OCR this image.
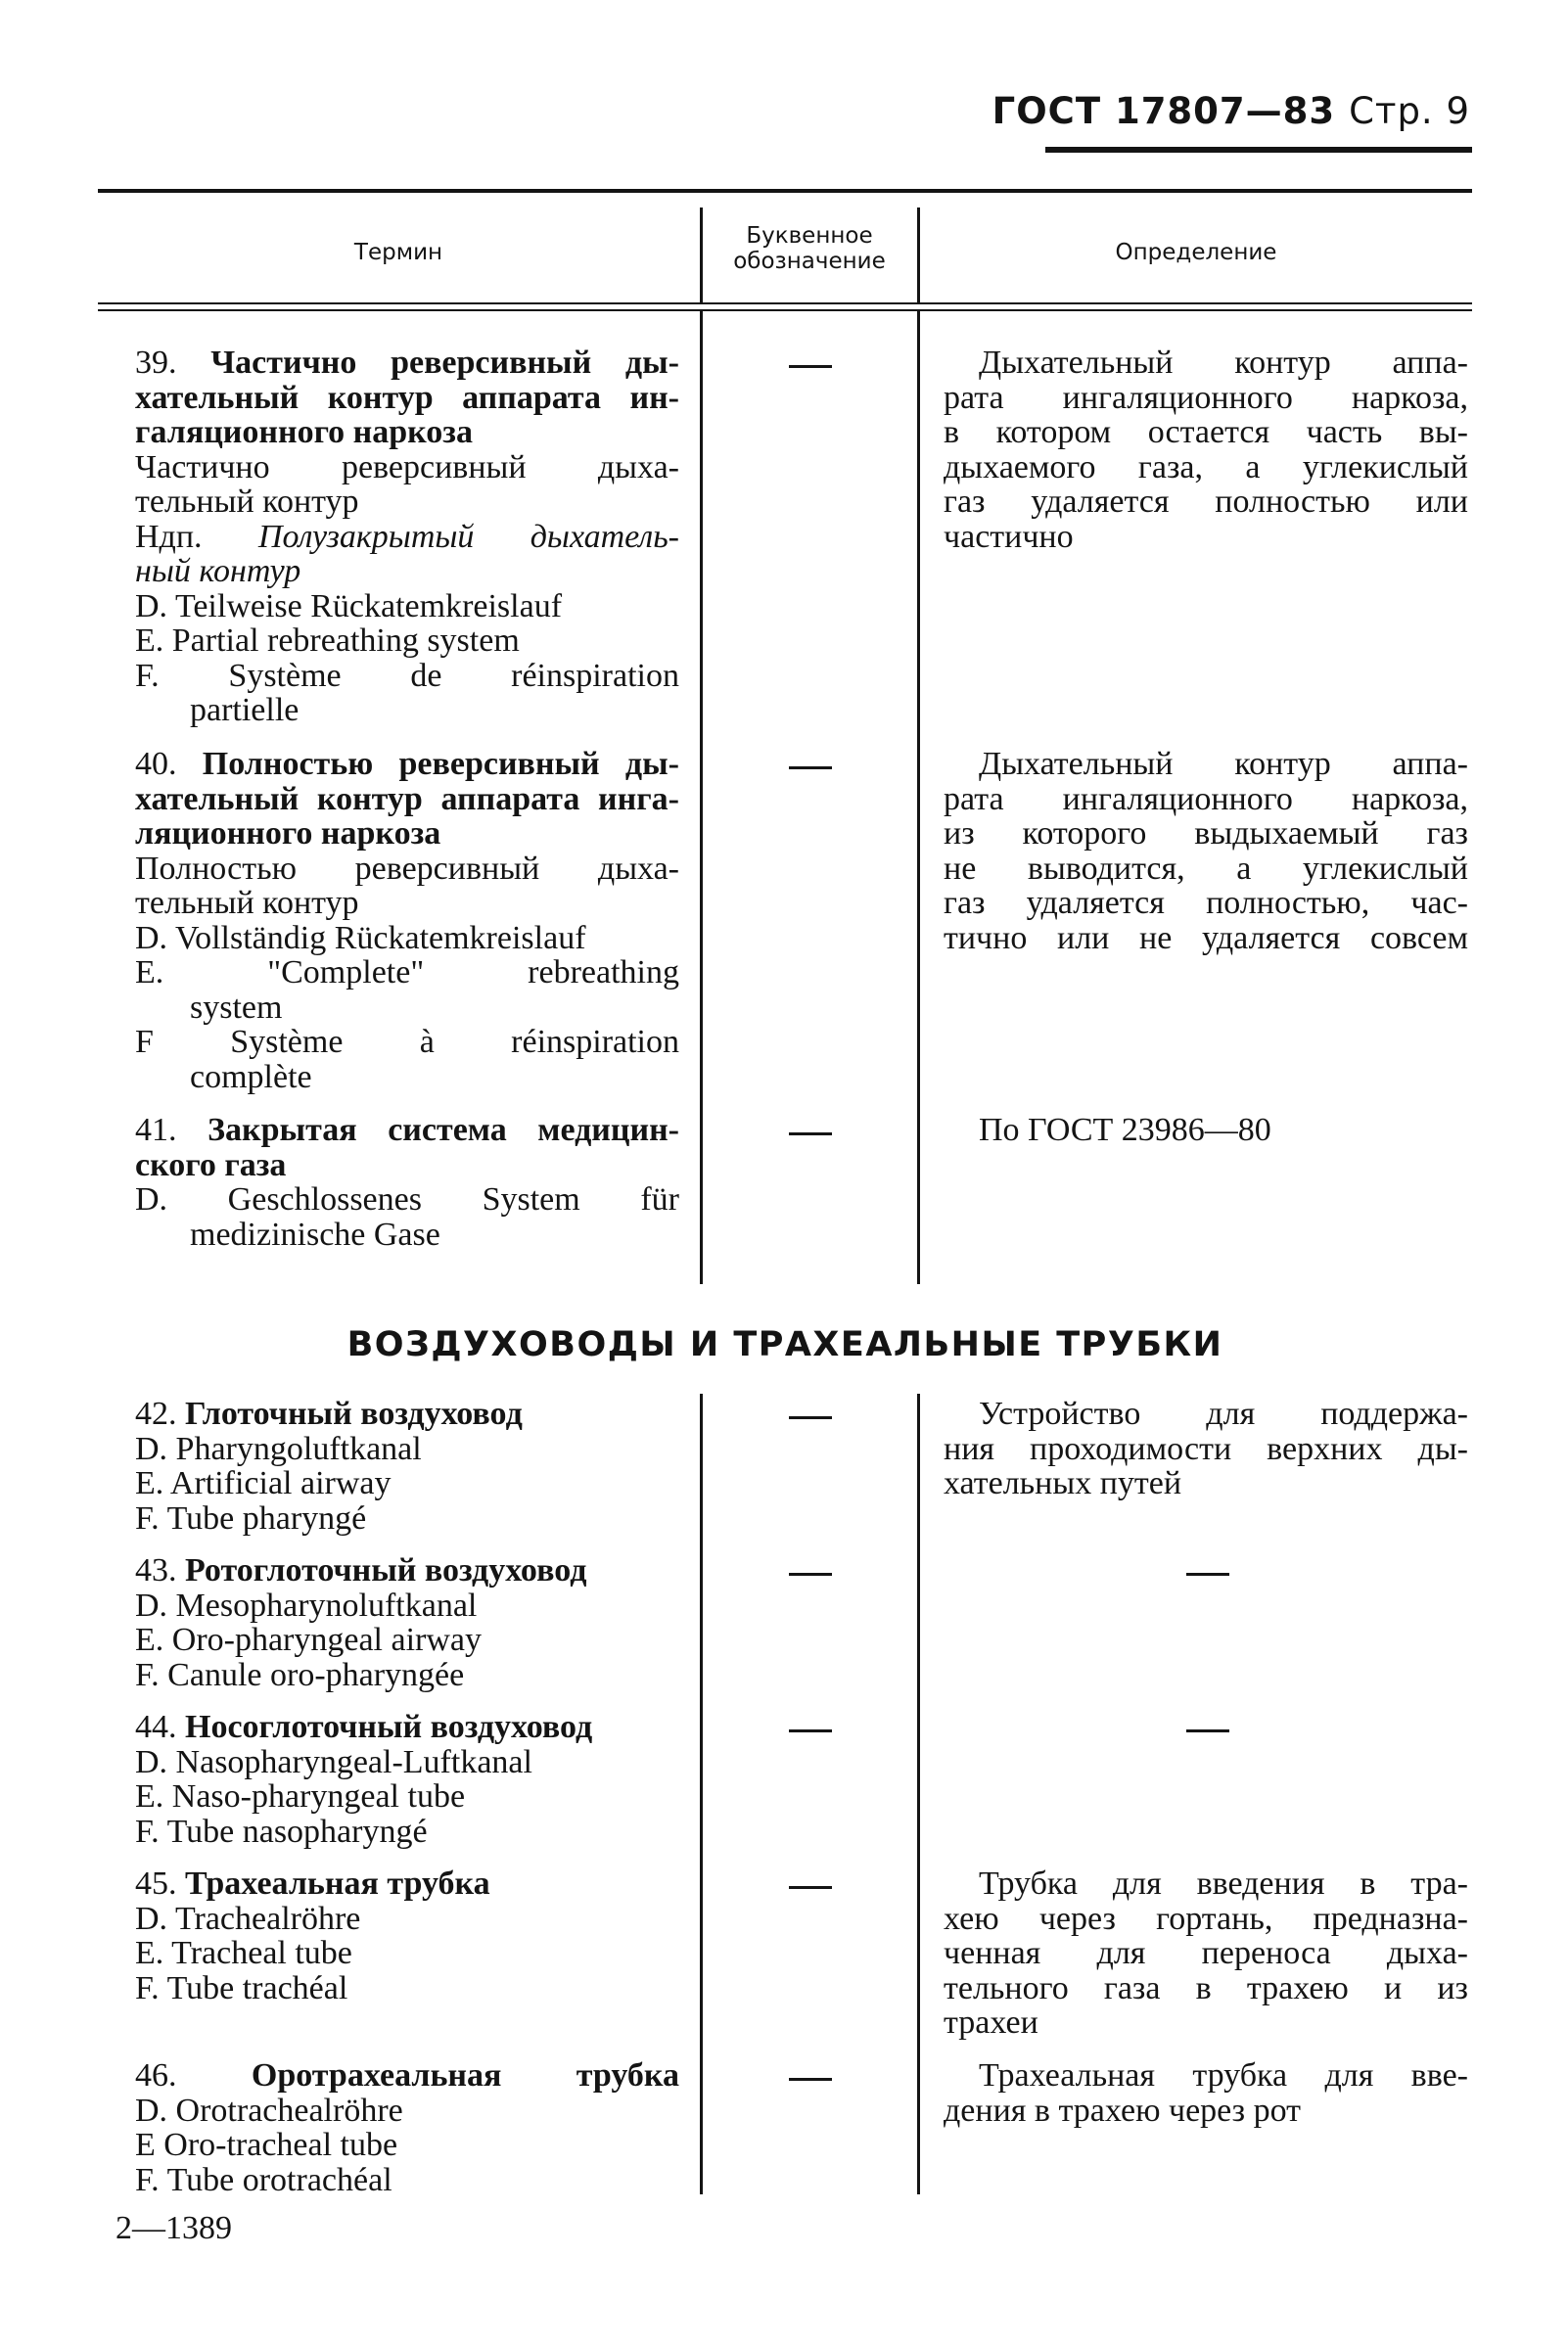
ГОСТ 17807—83 Стр. 9
Термин
Буквенное
обозначение	Определение
39. Частично реверсивный ды-
хательный контур аппарата ин-
галяционного наркоза
Частично реверсивный дыха-
тельный контур
Ндп. Полузакрытый дыхатель-
ный контур
D. Teilweise Rückatemkreislauf
E. Partial rebreathing system
F. Système de réinspiration
partielle
Дыхательный контур аппа-
рата ингаляционного наркоза,
в котором остается часть вы-
дыхаемого газа, а углекислый
газ удаляется полностью или
частично
40. Полностью реверсивный ды-
хательный контур аппарата инга-
ляционного наркоза
Полностью реверсивный дыха-
тельный контур
D. Vollständig Rückatemkreislauf
E. "Complete" rebreathing
system
F Système à réinspiration
complète
Дыхательный контур аппа-
рата ингаляционного наркоза,
из которого выдыхаемый газ
не выводится, а углекислый
газ удаляется полностью, час-
тично или не удаляется совсем
41. Закрытая система медицин-
ского газа
D. Geschlossenes System für
medizinische Gase
По ГОСТ 23986—80
ВОЗДУХОВОДЫ И ТРАХЕАЛЬНЫЕ ТРУБКИ
42. Глоточный воздуховод
D. Pharyngoluftkanal
E. Artificial airway
F. Tube pharyngé
Устройство для поддержа-
ния проходимости верхних ды-
хательных путей
43. Ротоглоточный воздуховод
D. Mesopharynoluftkanal
E. Oro-pharyngeal airway
F. Canule oro-pharyngée
44. Носоглоточный воздуховод
D. Nasopharyngeal-Luftkanal
E. Naso-pharyngeal tube
F. Tube nasopharyngé
45. Трахеальная трубка
D. Trachealröhre
E. Tracheal tube
F. Tube trachéal
Трубка для введения в тра-
хею через гортань, предназна-
ченная для переноса дыха-
тельного газа в трахею и из
трахеи
46. Оротрахеальная трубка
D. Orotrachealröhre
E Oro-tracheal tube
F. Tube orotrachéal
Трахеальная трубка для вве-
дения в трахею через рот
2—1389
